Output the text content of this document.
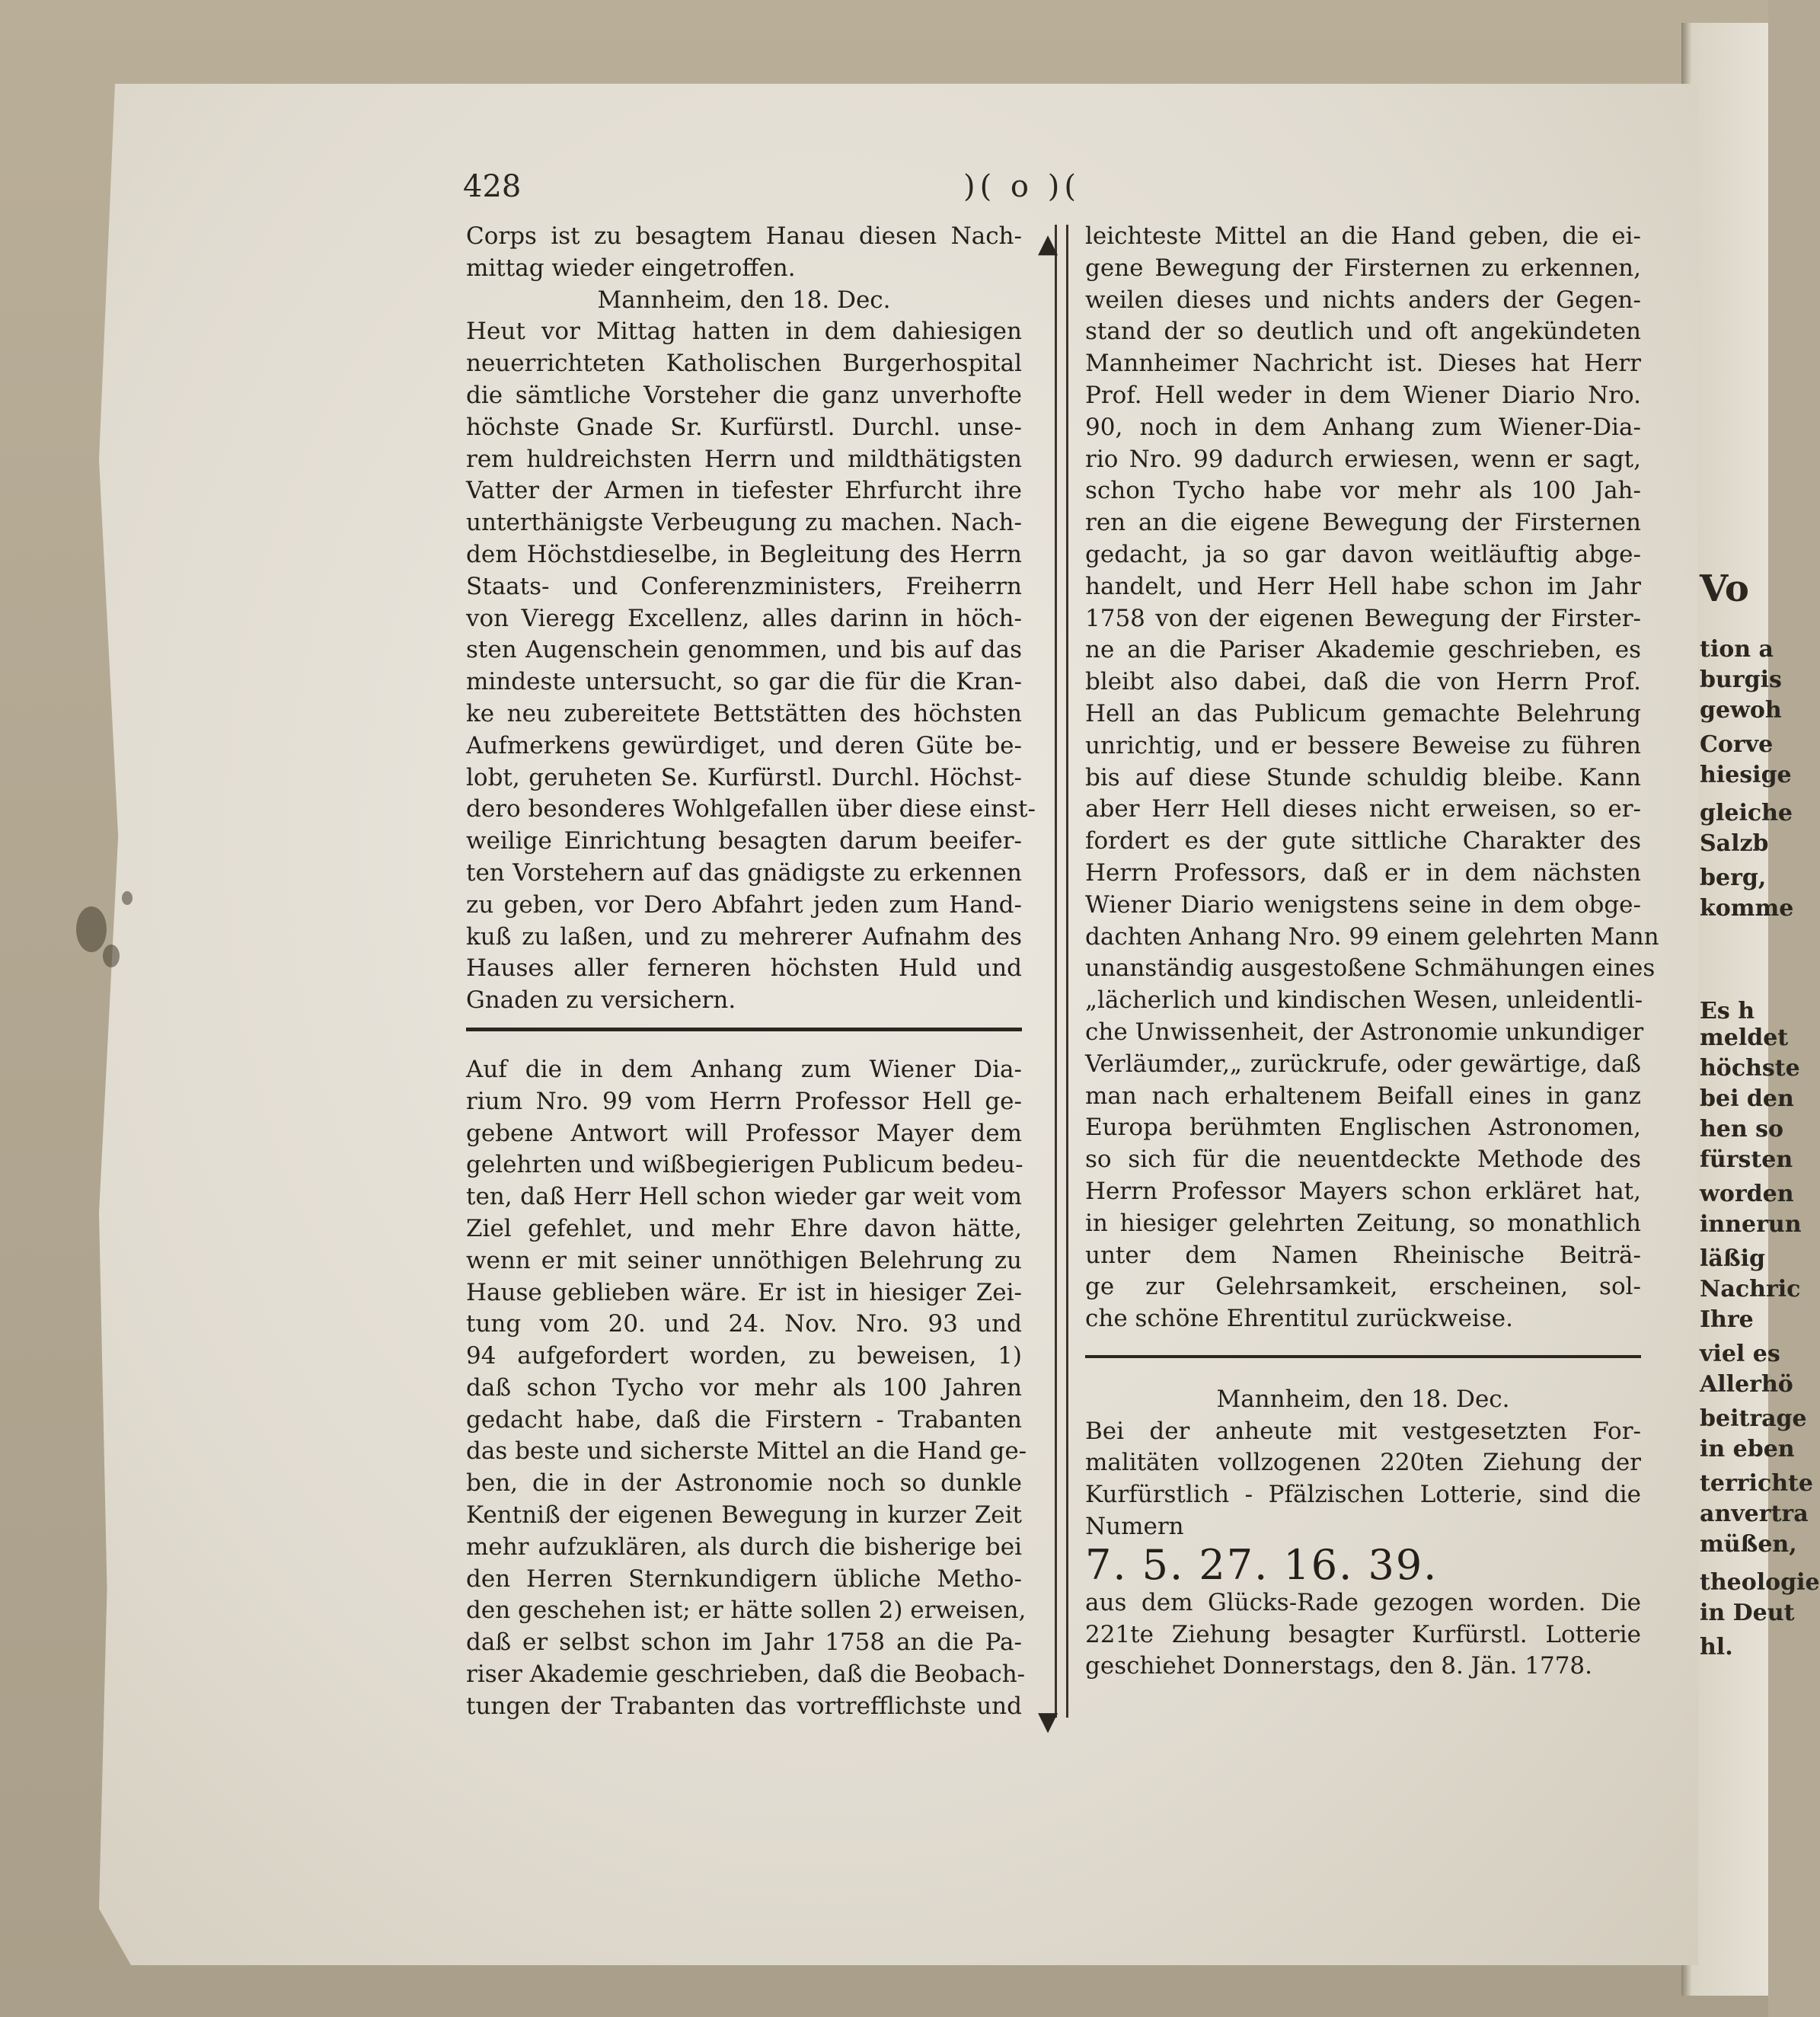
428	)( o )(
Corps ist zu besagtem Hanau diesen Nach-
mittag wieder eingetroffen.
Mannheim, den 18. Dec.
Heut vor Mittag hatten in dem dahiesigen
neuerrichteten Katholischen Burgerhospital
die sämtliche Vorsteher die ganz unverhofte
höchste Gnade Sr. Kurfürstl. Durchl. unse-
rem huldreichsten Herrn und mildthätigsten
Vatter der Armen in tiefester Ehrfurcht ihre
unterthänigste Verbeugung zu machen. Nach-
dem Höchstdieselbe, in Begleitung des Herrn
Staats- und Conferenzministers, Freiherrn
von Vieregg Excellenz, alles darinn in höch-
sten Augenschein genommen, und bis auf das
mindeste untersucht, so gar die für die Kran-
ke neu zubereitete Bettstätten des höchsten
Aufmerkens gewürdiget, und deren Güte be-
lobt, geruheten Se. Kurfürstl. Durchl. Höchst-
dero besonderes Wohlgefallen über diese einst-
weilige Einrichtung besagten darum beeifer-
ten Vorstehern auf das gnädigste zu erkennen
zu geben, vor Dero Abfahrt jeden zum Hand-
kuß zu laßen, und zu mehrerer Aufnahm des
Hauses aller ferneren höchsten Huld und
Gnaden zu versichern.
Auf die in dem Anhang zum Wiener Dia-
rium Nro. 99 vom Herrn Professor Hell ge-
gebene Antwort will Professor Mayer dem
gelehrten und wißbegierigen Publicum bedeu-
ten, daß Herr Hell schon wieder gar weit vom
Ziel gefehlet, und mehr Ehre davon hätte,
wenn er mit seiner unnöthigen Belehrung zu
Hause geblieben wäre. Er ist in hiesiger Zei-
tung vom 20. und 24. Nov. Nro. 93 und
94 aufgefordert worden, zu beweisen, 1)
daß schon Tycho vor mehr als 100 Jahren
gedacht habe, daß die Firstern - Trabanten
das beste und sicherste Mittel an die Hand ge-
ben, die in der Astronomie noch so dunkle
Kentniß der eigenen Bewegung in kurzer Zeit
mehr aufzuklären, als durch die bisherige bei
den Herren Sternkundigern übliche Metho-
den geschehen ist; er hätte sollen 2) erweisen,
daß er selbst schon im Jahr 1758 an die Pa-
riser Akademie geschrieben, daß die Beobach-
tungen der Trabanten das vortrefflichste und
▲
▼
leichteste Mittel an die Hand geben, die ei-
gene Bewegung der Firsternen zu erkennen,
weilen dieses und nichts anders der Gegen-
stand der so deutlich und oft angekündeten
Mannheimer Nachricht ist. Dieses hat Herr
Prof. Hell weder in dem Wiener Diario Nro.
90, noch in dem Anhang zum Wiener-Dia-
rio Nro. 99 dadurch erwiesen, wenn er sagt,
schon Tycho habe vor mehr als 100 Jah-
ren an die eigene Bewegung der Firsternen
gedacht, ja so gar davon weitläuftig abge-
handelt, und Herr Hell habe schon im Jahr
1758 von der eigenen Bewegung der Firster-
ne an die Pariser Akademie geschrieben, es
bleibt also dabei, daß die von Herrn Prof.
Hell an das Publicum gemachte Belehrung
unrichtig, und er bessere Beweise zu führen
bis auf diese Stunde schuldig bleibe. Kann
aber Herr Hell dieses nicht erweisen, so er-
fordert es der gute sittliche Charakter des
Herrn Professors, daß er in dem nächsten
Wiener Diario wenigstens seine in dem obge-
dachten Anhang Nro. 99 einem gelehrten Mann
unanständig ausgestoßene Schmähungen eines
„lächerlich und kindischen Wesen, unleidentli-
che Unwissenheit, der Astronomie unkundiger
Verläumder,„ zurückrufe, oder gewärtige, daß
man nach erhaltenem Beifall eines in ganz
Europa berühmten Englischen Astronomen,
so sich für die neuentdeckte Methode des
Herrn Professor Mayers schon erkläret hat,
in hiesiger gelehrten Zeitung, so monathlich
unter dem Namen Rheinische Beiträ-
ge zur Gelehrsamkeit, erscheinen, sol-
che schöne Ehrentitul zurückweise.
Mannheim, den 18. Dec.
Bei der anheute mit vestgesetzten For-
malitäten vollzogenen 220ten Ziehung der
Kurfürstlich - Pfälzischen Lotterie, sind die
Numern
7. 5. 27. 16. 39.
aus dem Glücks-Rade gezogen worden. Die
221te Ziehung besagter Kurfürstl. Lotterie
geschiehet Donnerstags, den 8. Jän. 1778.
Vo
tion a
burgis
gewoh
Corve
hiesige
gleiche
Salzb
berg,
komme
Es h
meldet
höchste
bei den
hen so
fürsten
worden
innerun
läßig
Nachric
Ihre
viel es
Allerhö
beitrage
in eben
terrichte
anvertra
müßen,
theologie
in Deut
hl.
